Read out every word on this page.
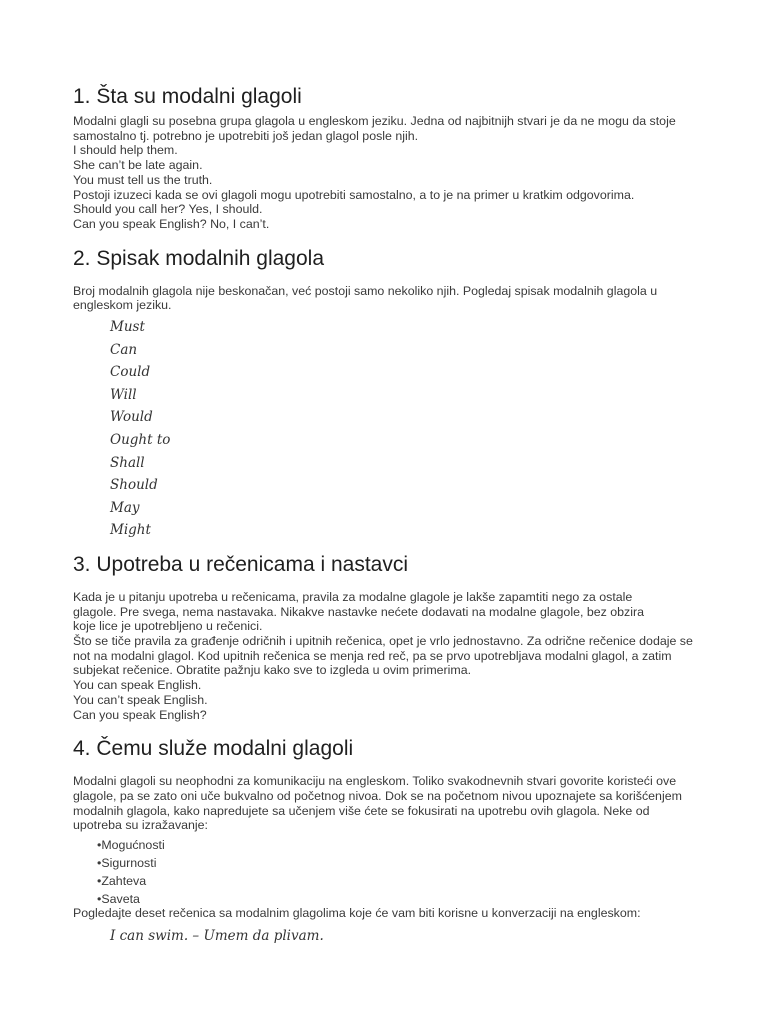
1. Šta su modalni glagoli

Modalni glagli su posebna grupa glagola u engleskom jeziku. Jedna od najbitnijh stvari je da ne mogu da stoje samostalno tj. potrebno je upotrebiti još jedan glagol posle njih.

I should help them.

She can’t be late again.

You must tell us the truth.

Postoji izuzeci kada se ovi glagoli mogu upotrebiti samostalno, a to je na primer u kratkim odgovorima.

Should you call her? Yes, I should.

Can you speak English? No, I can’t.

2. Spisak modalnih glagola

Broj modalnih glagola nije beskonačan, već postoji samo nekoliko njih. Pogledaj spisak modalnih glagola u engleskom jeziku.

Must
Can
Could
Will
Would
Ought to
Shall
Should
May
Might
3. Upotreba u rečenicama i nastavci

Kada je u pitanju upotreba u rečenicama, pravila za modalne glagole je lakše zapamtiti nego za ostale glagole. Pre svega, nema nastavaka. Nikakve nastavke nećete dodavati na modalne glagole, bez obzira koje lice je upotrebljeno u rečenici.

Što se tiče pravila za građenje odričnih i upitnih rečenica, opet je vrlo jednostavno. Za odrične rečenice dodaje se not na modalni glagol. Kod upitnih rečenica se menja red reč, pa se prvo upotrebljava modalni glagol, a zatim subjekat rečenice. Obratite pažnju kako sve to izgleda u ovim primerima.

You can speak English.

You can’t speak English.

Can you speak English?

4. Čemu služe modalni glagoli

Modalni glagoli su neophodni za komunikaciju na engleskom. Toliko svakodnevnih stvari govorite koristeći ove glagole, pa se zato oni uče bukvalno od početnog nivoa. Dok se na početnom nivou upoznajete sa korišćenjem modalnih glagola, kako napredujete sa učenjem više ćete se fokusirati na upotrebu ovih glagola. Neke od upotreba su izražavanje:

• Mogućnosti
• Sigurnosti
• Zahteva
• Saveta

Pogledajte deset rečenica sa modalnim glagolima koje će vam biti korisne u konverzaciji na engleskom:

I can swim. – Umem da plivam.
